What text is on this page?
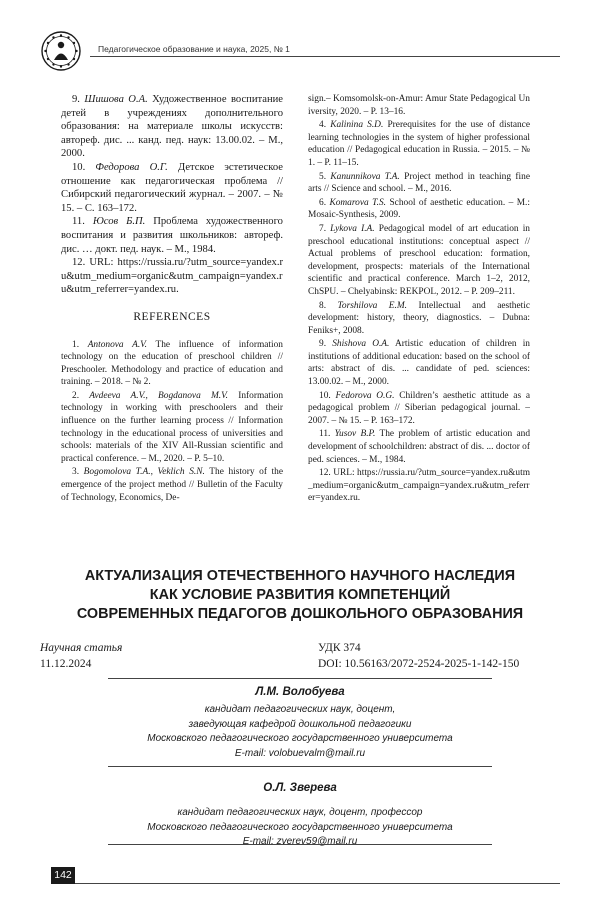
Педагогическое образование и наука, 2025, № 1
9. Шишова О.А. Художественное воспитание детей в учреждениях дополнительного образования: на материале школы искусств: автореф. дис. ... канд. пед. наук: 13.00.02. – М., 2000.
10. Федорова О.Г. Детское эстетическое отношение как педагогическая проблема // Сибирский педагогический журнал. – 2007. – № 15. – С. 163–172.
11. Юсов Б.П. Проблема художественного воспитания и развития школьников: автореф. дис. … докт. пед. наук. – М., 1984.
12. URL: https://russia.ru/?utm_source=yandex.ru&utm_medium=organic&utm_campaign=yandex.ru&utm_referrer=yandex.ru.
REFERENCES
1. Antonova A.V. The influence of information technology on the education of preschool children // Preschooler. Methodology and practice of education and training. – 2018. – № 2.
2. Avdeeva A.V., Bogdanova M.V. Information technology in working with preschoolers and their influence on the further learning process // Information technology in the educational process of universities and schools: materials of the XIV All-Russian scientific and practical conference. – M., 2020. – P. 5–10.
3. Bogomolova T.A., Veklich S.N. The history of the emergence of the project method // Bulletin of the Faculty of Technology, Economics, De-
sign.– Komsomolsk-on-Amur: Amur State Pedagogical University, 2020. – P. 13–16.
4. Kalinina S.D. Prerequisites for the use of distance learning technologies in the system of higher professional education // Pedagogical education in Russia. – 2015. – № 1. – P. 11–15.
5. Kanunnikova T.A. Project method in teaching fine arts // Science and school. – M., 2016.
6. Komarova T.S. School of aesthetic education. – M.: Mosaic-Synthesis, 2009.
7. Lykova I.A. Pedagogical model of art education in preschool educational institutions: conceptual aspect // Actual problems of preschool education: formation, development, prospects: materials of the International scientific and practical conference. March 1–2, 2012, ChSPU. – Chelyabinsk: REKPOL, 2012. – P. 209–211.
8. Torshilova E.M. Intellectual and aesthetic development: history, theory, diagnostics. – Dubna: Feniks+, 2008.
9. Shishova O.A. Artistic education of children in institutions of additional education: based on the school of arts: abstract of dis. ... candidate of ped. sciences: 13.00.02. – M., 2000.
10. Fedorova O.G. Children’s aesthetic attitude as a pedagogical problem // Siberian pedagogical journal. – 2007. – № 15. – P. 163–172.
11. Yusov B.P. The problem of artistic education and development of schoolchildren: abstract of dis. ... doctor of ped. sciences. – M., 1984.
12. URL: https://russia.ru/?utm_source=yandex.ru&utm_medium=organic&utm_campaign=yandex.ru&utm_referrer=yandex.ru.
АКТУАЛИЗАЦИЯ ОТЕЧЕСТВЕННОГО НАУЧНОГО НАСЛЕДИЯ
КАК УСЛОВИЕ РАЗВИТИЯ КОМПЕТЕНЦИЙ
СОВРЕМЕННЫХ ПЕДАГОГОВ ДОШКОЛЬНОГО ОБРАЗОВАНИЯ
Научная статья
11.12.2024
УДК 374
DOI: 10.56163/2072-2524-2025-1-142-150
Л.М. Волобуева
кандидат педагогических наук, доцент,
заведующая кафедрой дошкольной педагогики
Московского педагогического государственного университета
E-mail: volobuevalm@mail.ru
О.Л. Зверева
кандидат педагогических наук, доцент, профессор
Московского педагогического государственного университета
E-mail: zverev59@mail.ru
142
